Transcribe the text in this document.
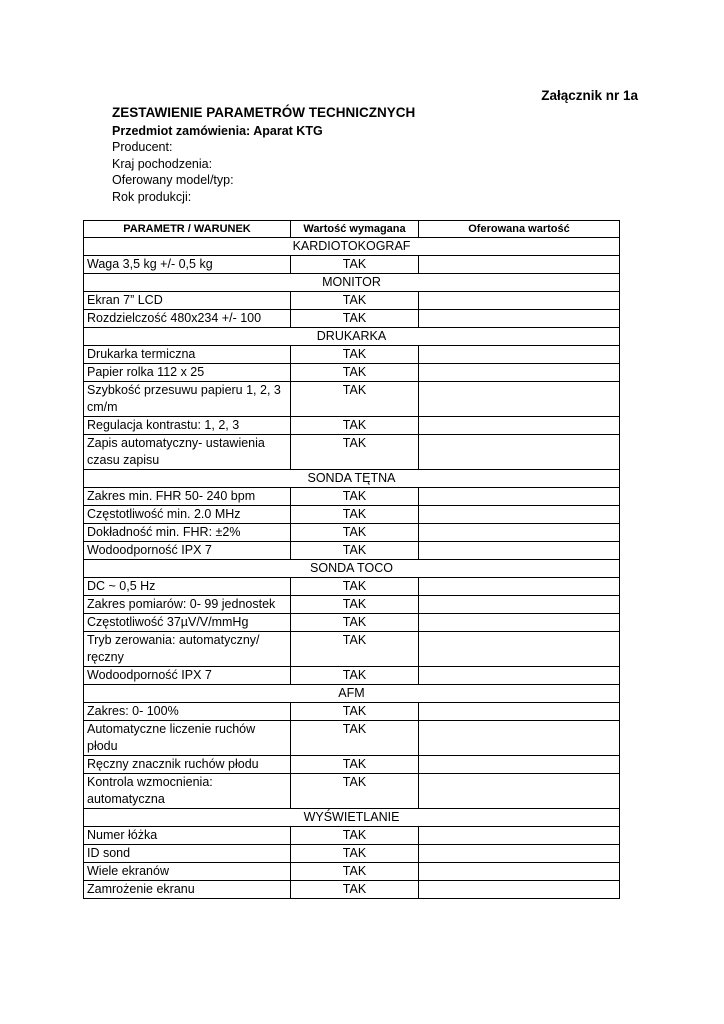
Załącznik nr 1a
ZESTAWIENIE PARAMETRÓW TECHNICZNYCH
Przedmiot zamówienia: Aparat KTG
Producent:
Kraj pochodzenia:
Oferowany model/typ:
Rok produkcji:
PARAMETR / WARUNEK	Wartość wymagana	Oferowana wartość
KARDIOTOKOGRAF		
Waga 3,5 kg +/- 0,5 kg	TAK	
MONITOR		
Ekran 7” LCD	TAK	
Rozdzielczość 480x234 +/- 100	TAK	
DRUKARKA		
Drukarka termiczna	TAK	
Papier rolka 112 x 25	TAK	
Szybkość przesuwu papieru 1, 2, 3 cm/m	TAK	
Regulacja kontrastu: 1, 2, 3	TAK	
Zapis automatyczny- ustawienia czasu zapisu	TAK	
SONDA TĘTNA		
Zakres min. FHR 50- 240 bpm	TAK	
Częstotliwość min. 2.0 MHz	TAK	
Dokładność min. FHR: ±2%	TAK	
Wodoodporność IPX 7	TAK	
SONDA TOCO		
DC ~ 0,5 Hz	TAK	
Zakres pomiarów: 0- 99 jednostek	TAK	
Częstotliwość 37µV/V/mmHg	TAK	
Tryb zerowania: automatyczny/ ręczny	TAK	
Wodoodporność IPX 7	TAK	
AFM		
Zakres: 0- 100%	TAK	
Automatyczne liczenie ruchów płodu	TAK	
Ręczny znacznik ruchów płodu	TAK	
Kontrola wzmocnienia: automatyczna	TAK	
WYŚWIETLANIE		
Numer łóżka	TAK	
ID sond	TAK	
Wiele ekranów	TAK	
Zamrożenie ekranu	TAK	
